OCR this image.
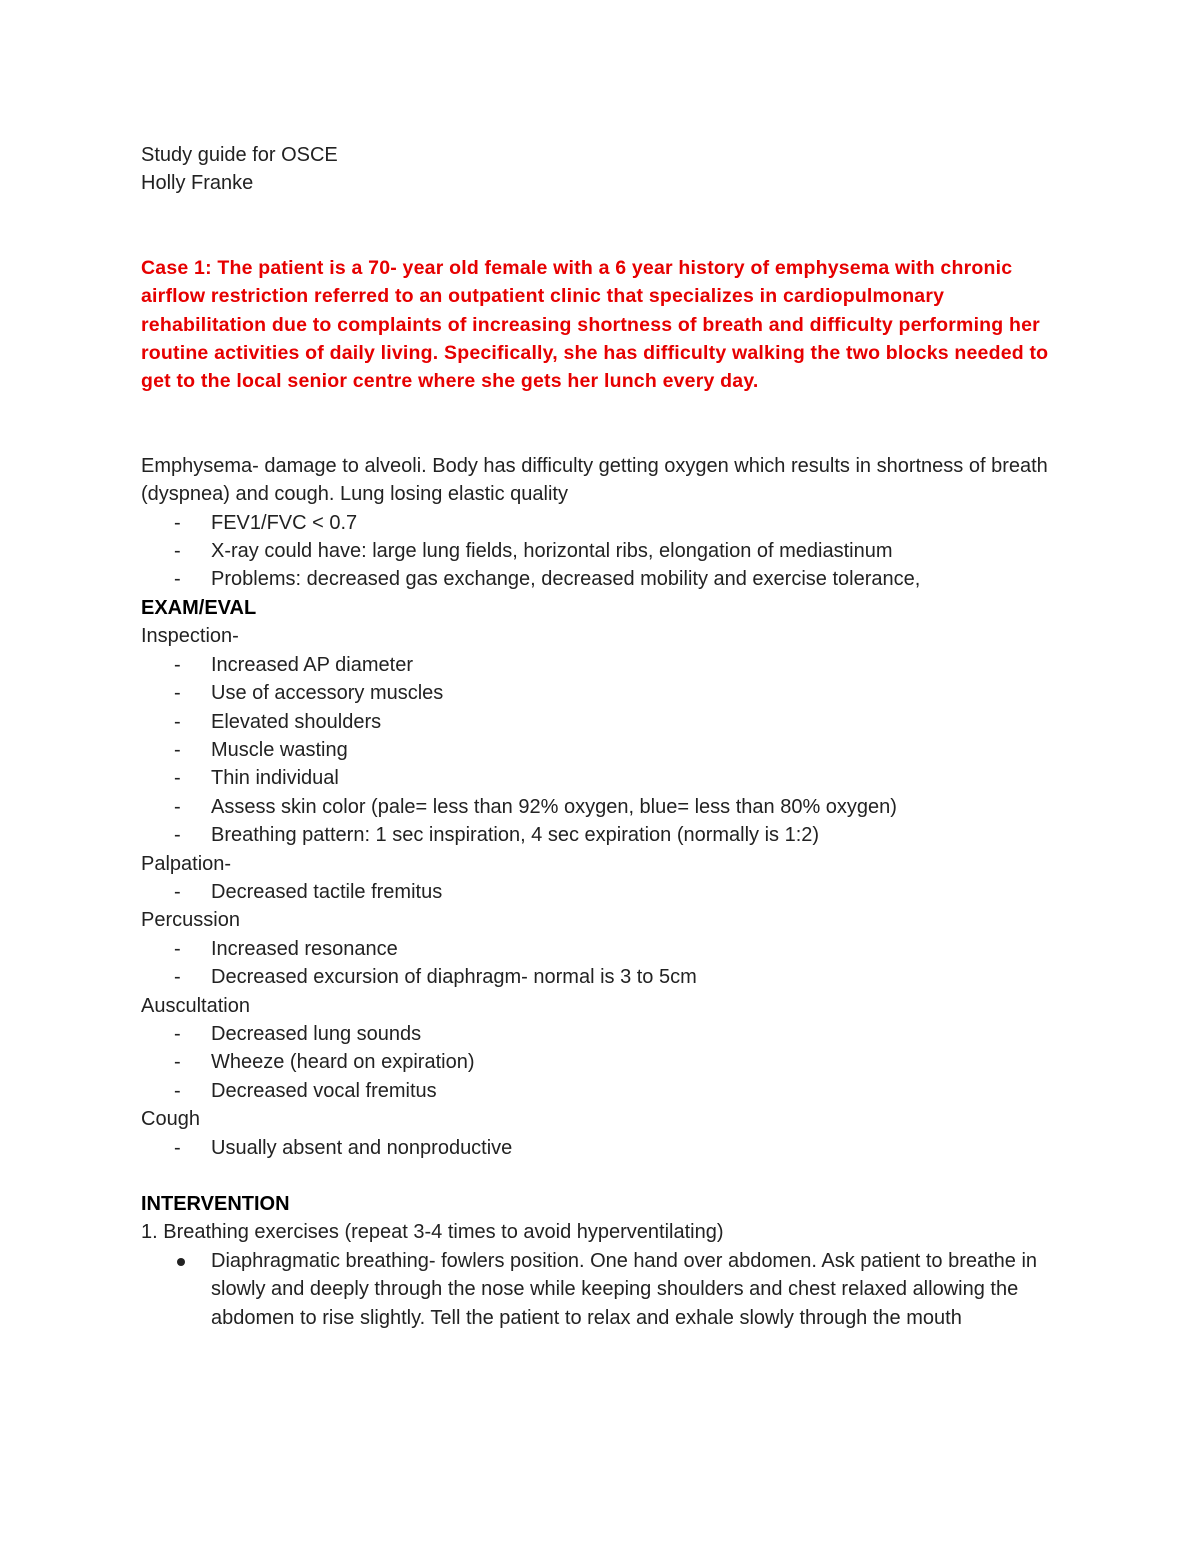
Study guide for OSCE

Holly Franke

Case 1: The patient is a 70- year old female with a 6 year history of emphysema with chronic airflow restriction referred to an outpatient clinic that specializes in cardiopulmonary rehabilitation due to complaints of increasing shortness of breath and difficulty performing her routine activities of daily living. Specifically, she has difficulty walking the two blocks needed to get to the local senior centre where she gets her lunch every day.

Emphysema- damage to alveoli. Body has difficulty getting oxygen which results in shortness of breath (dyspnea) and cough. Lung losing elastic quality

- FEV1/FVC < 0.7
- X-ray could have: large lung fields, horizontal ribs, elongation of mediastinum
- Problems: decreased gas exchange, decreased mobility and exercise tolerance,

EXAM/EVAL

Inspection-

- Increased AP diameter
- Use of accessory muscles
- Elevated shoulders
- Muscle wasting
- Thin individual
- Assess skin color (pale= less than 92% oxygen, blue= less than 80% oxygen)
- Breathing pattern: 1 sec inspiration, 4 sec expiration (normally is 1:2)

Palpation-

- Decreased tactile fremitus

Percussion

- Increased resonance
- Decreased excursion of diaphragm- normal is 3 to 5cm

Auscultation

- Decreased lung sounds
- Wheeze (heard on expiration)
- Decreased vocal fremitus

Cough

- Usually absent and nonproductive

INTERVENTION

1. Breathing exercises (repeat 3-4 times to avoid hyperventilating)

Diaphragmatic breathing- fowlers position. One hand over abdomen. Ask patient to breathe in slowly and deeply through the nose while keeping shoulders and chest relaxed allowing the abdomen to rise slightly. Tell the patient to relax and exhale slowly through the mouth
